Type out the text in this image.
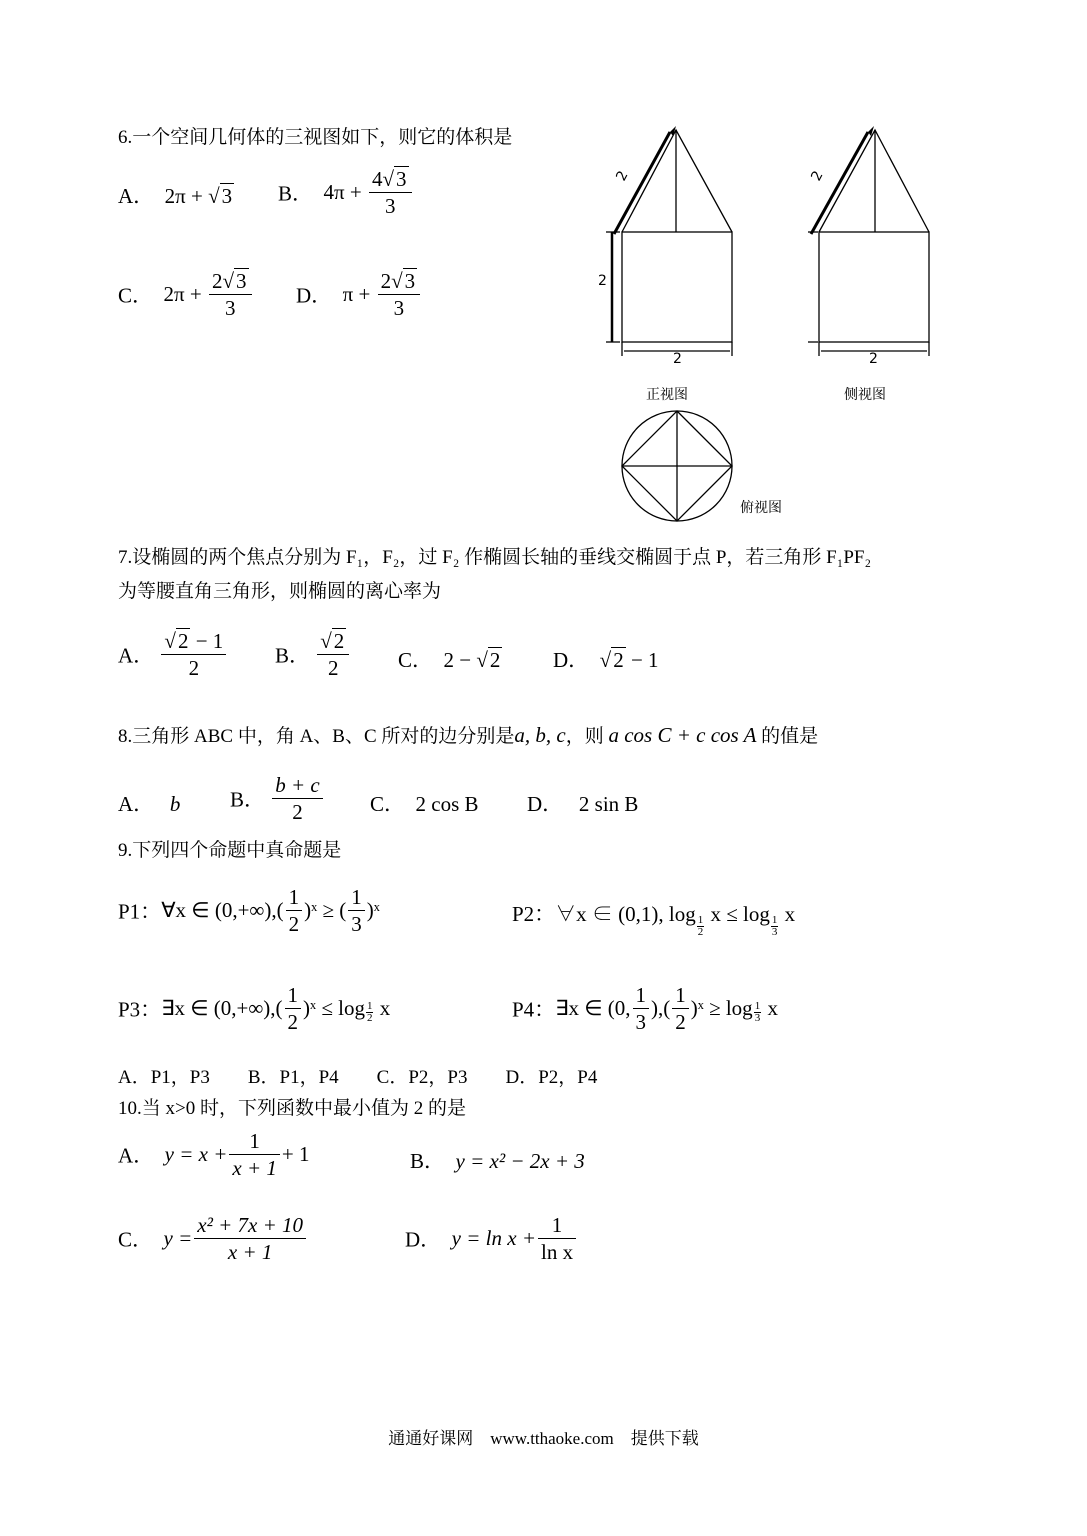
6.一个空间几何体的三视图如下，则它的体积是
A． 2π + √3 B． $4\pi + \frac{4√3}{3}$
C． $2\pi + \frac{2√3}{3}$ D． $\pi + \frac{2√3}{3}$
2	2
2
2	2
正视图	侧视图
俯视图
7.设椭圆的两个焦点分别为 F₁，F₂，过 F₂ 作椭圆长轴的垂线交椭圆于点 P，若三角形 F₁PF₂
为等腰直角三角形，则椭圆的离心率为
A． $\frac{√2 - 1}{2}$ B． $\frac{√2}{2}$ C． 2 − √2	D． √2 − 1
8.三角形 ABC 中，角 A、B、C 所对的边分别是a, b, c，则 a cos C + c cos A 的值是
A． b B． $\frac{b + c}{2}$ C． 2 cos B D． 2 sin B
9.下列四个命题中真命题是
P1：∀x ∈ $(0,+\infty),( \frac{1}{2}$ )ˣ ≥ ( $\frac{1}{3}$ )ˣ	P2：∀x ∈ (0,1), log
$\frac{1}{2}$
x ≤ log
$\frac{1}{3}$
x
P3：∃x ∈ $(0,+\infty),( \frac{1}{2}$ )ˣ ≤ $\log \frac{1}{2}$ x	P4：∃x ∈ (0, $\frac{1}{3}$ ),( $\frac{1}{2}$ )ˣ ≥ $\log \frac{1}{3}$ x
A．P1，P3　　B．P1，P4　　C．P2，P3　　D．P2，P4
10.当 x>0 时，下列函数中最小值为 2 的是
A． $y = x + \frac{1}{x + 1} + 1$	B． y = x² − 2x + 3
C． $y = \frac{\text{x² + 7x + 10}}{x + 1}$	D． $y = \ln x + \frac{1}{\text{ln x}}$
通通好课网　www.tthaoke.com　提供下载
